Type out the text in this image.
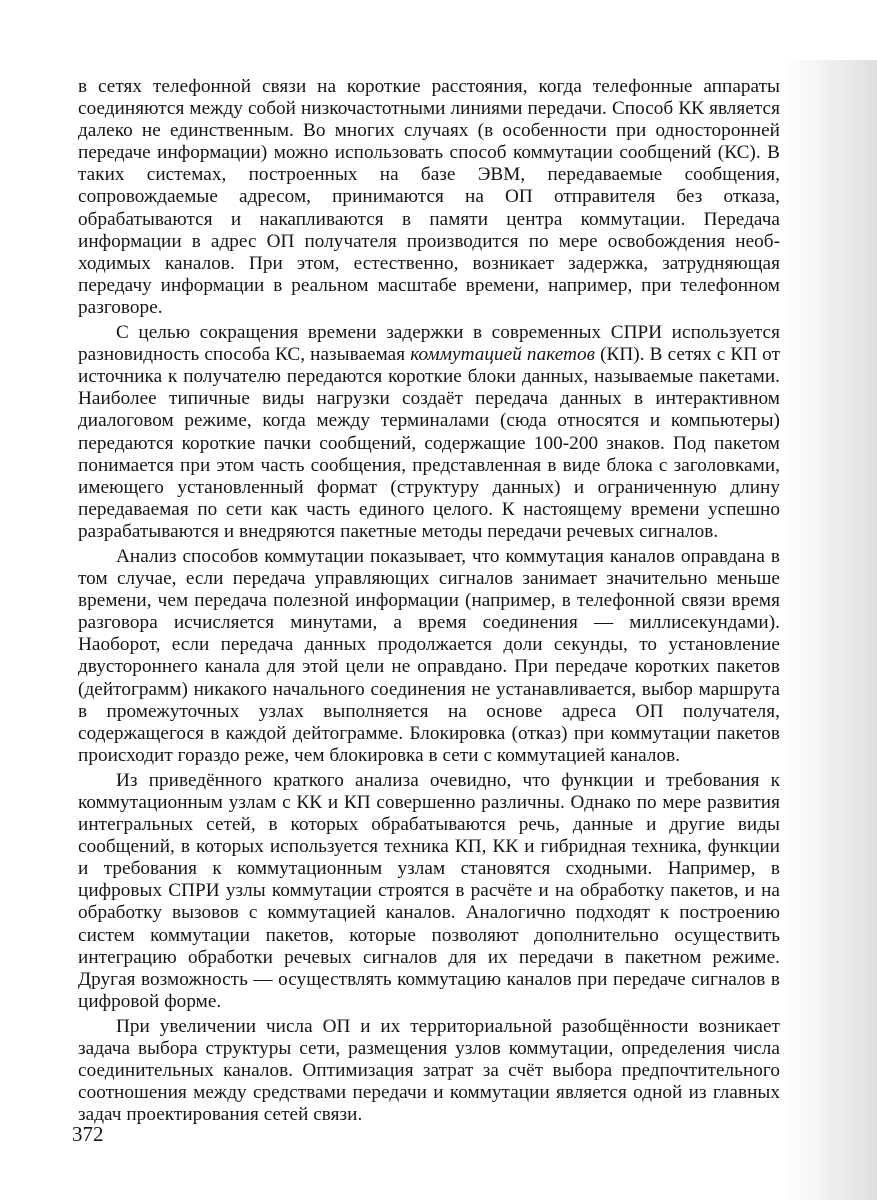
в сетях телефонной связи на короткие расстояния, когда телефонные аппараты соединяются между собой низкочастотными линиями передачи. Способ КК является далеко не единственным. Во многих случаях (в особенности при односторонней передаче информации) можно использовать способ коммутации сообщений (КС). В таких системах, построенных на базе ЭВМ, передаваемые сообщения, сопровождаемые адресом, принимаются на ОП отправителя без отказа, обрабатываются и накапливаются в памяти центра коммутации. Передача информации в адрес ОП получателя производится по мере освобождения необходимых каналов. При этом, естественно, возникает задержка, затрудняющая передачу информации в реальном масштабе времени, например, при телефонном разговоре.

С целью сокращения времени задержки в современных СПРИ используется разновидность способа КС, называемая коммутацией пакетов (КП). В сетях с КП от источника к получателю передаются короткие блоки данных, называемые пакетами. Наиболее типичные виды нагрузки создаёт передача данных в интерактивном диалоговом режиме, когда между терминалами (сюда относятся и компьютеры) передаются короткие пачки сообщений, содержащие 100-200 знаков. Под пакетом понимается при этом часть сообщения, представленная в виде блока с заголовками, имеющего установленный формат (структуру данных) и ограниченную длину передаваемая по сети как часть единого целого. К настоящему времени успешно разрабатываются и внедряются пакетные методы передачи речевых сигналов.

Анализ способов коммутации показывает, что коммутация каналов оправдана в том случае, если передача управляющих сигналов занимает значительно меньше времени, чем передача полезной информации (например, в телефонной связи время разговора исчисляется минутами, а время соединения — миллисекундами). Наоборот, если передача данных продолжается доли секунды, то установление двустороннего канала для этой цели не оправдано. При передаче коротких пакетов (дейтограмм) никакого начального соединения не устанавливается, выбор маршрута в промежуточных узлах выполняется на основе адреса ОП получателя, содержащегося в каждой дейтограмме. Блокировка (отказ) при коммутации пакетов происходит гораздо реже, чем блокировка в сети с коммутацией каналов.

Из приведённого краткого анализа очевидно, что функции и требования к коммутационным узлам с КК и КП совершенно различны. Однако по мере развития интегральных сетей, в которых обрабатываются речь, данные и другие виды сообщений, в которых используется техника КП, КК и гибридная техника, функции и требования к коммутационным узлам становятся сходными. Например, в цифровых СПРИ узлы коммутации строятся в расчёте и на обработку пакетов, и на обработку вызовов с коммутацией каналов. Аналогично подходят к построению систем коммутации пакетов, которые позволяют дополнительно осуществить интеграцию обработки речевых сигналов для их передачи в пакетном режиме. Другая возможность — осуществлять коммутацию каналов при передаче сигналов в цифровой форме.

При увеличении числа ОП и их территориальной разобщённости возникает задача выбора структуры сети, размещения узлов коммутации, определения числа соединительных каналов. Оптимизация затрат за счёт выбора предпочтительного соотношения между средствами передачи и коммутации является одной из главных задач проектирования сетей связи.

372
